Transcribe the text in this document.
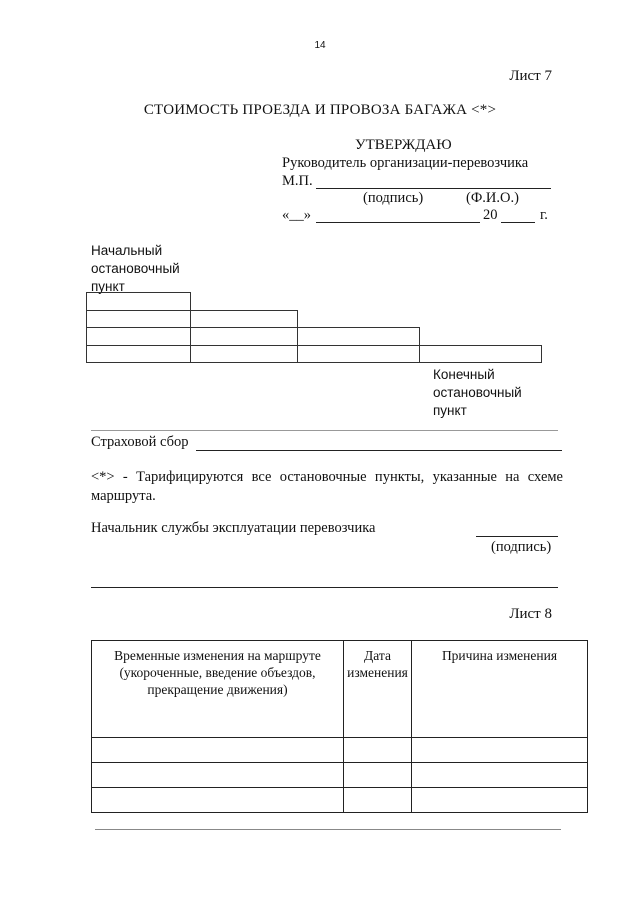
14
Лист 7
СТОИМОСТЬ ПРОЕЗДА И ПРОВОЗА БАГАЖА <*>
УТВЕРЖДАЮ
Руководитель организации-перевозчика
М.П.
(подпись)	(Ф.И.О.)
«__»	20	г.
Начальный остановочный пункт
Конечный остановочный пункт
Страховой сбор
<*> - Тарифицируются все остановочные пункты, указанные на схеме маршрута.
Начальник службы эксплуатации перевозчика
(подпись)
Лист 8
Временные изменения на маршруте (укороченные, введение объездов, прекращение движения)	Дата изменения	Причина изменения
